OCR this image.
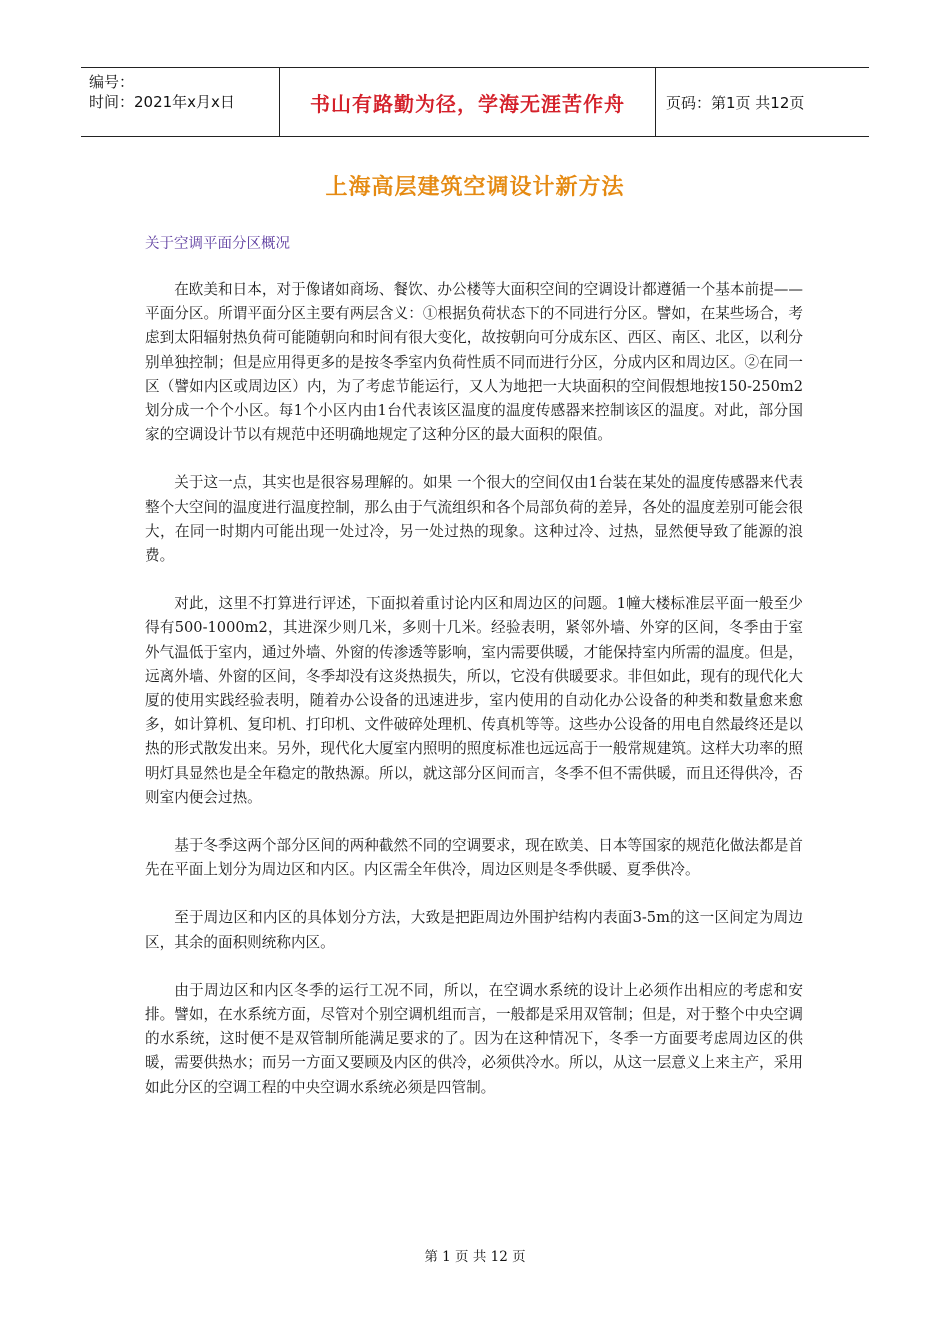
编号：
时间：2021年x月x日	书山有路勤为径，学海无涯苦作舟	页码：第1页 共12页
上海高层建筑空调设计新方法
关于空调平面分区概况

在欧美和日本，对于像诸如商场、餐饮、办公楼等大面积空间的空调设计都遵循一个基本前提——平面分区。所谓平面分区主要有两层含义：①根据负荷状态下的不同进行分区。譬如，在某些场合，考虑到太阳辐射热负荷可能随朝向和时间有很大变化，故按朝向可分成东区、西区、南区、北区，以利分别单独控制；但是应用得更多的是按冬季室内负荷性质不同而进行分区，分成内区和周边区。②在同一区（譬如内区或周边区）内，为了考虑节能运行，又人为地把一大块面积的空间假想地按150-250m2划分成一个个小区。每1个小区内由1台代表该区温度的温度传感器来控制该区的温度。对此，部分国家的空调设计节以有规范中还明确地规定了这种分区的最大面积的限值。

关于这一点，其实也是很容易理解的。如果 一个很大的空间仅由1台装在某处的温度传感器来代表整个大空间的温度进行温度控制，那么由于气流组织和各个局部负荷的差异，各处的温度差别可能会很大，在同一时期内可能出现一处过冷，另一处过热的现象。这种过冷、过热，显然便导致了能源的浪费。

对此，这里不打算进行评述，下面拟着重讨论内区和周边区的问题。1幢大楼标准层平面一般至少得有500-1000m2，其进深少则几米，多则十几米。经验表明，紧邻外墙、外穿的区间，冬季由于室外气温低于室内，通过外墙、外窗的传渗透等影响，室内需要供暖，才能保持室内所需的温度。但是，远离外墙、外窗的区间，冬季却没有这炎热损失，所以，它没有供暖要求。非但如此，现有的现代化大厦的使用实践经验表明，随着办公设备的迅速进步，室内使用的自动化办公设备的种类和数量愈来愈多，如计算机、复印机、打印机、文件破碎处理机、传真机等等。这些办公设备的用电自然最终还是以热的形式散发出来。另外，现代化大厦室内照明的照度标准也远远高于一般常规建筑。这样大功率的照明灯具显然也是全年稳定的散热源。所以，就这部分区间而言，冬季不但不需供暖，而且还得供冷，否则室内便会过热。

基于冬季这两个部分区间的两种截然不同的空调要求，现在欧美、日本等国家的规范化做法都是首先在平面上划分为周边区和内区。内区需全年供冷，周边区则是冬季供暖、夏季供冷。

至于周边区和内区的具体划分方法，大致是把距周边外围护结构内表面3-5m的这一区间定为周边区，其余的面积则统称内区。

由于周边区和内区冬季的运行工况不同，所以，在空调水系统的设计上必须作出相应的考虑和安排。譬如，在水系统方面，尽管对个别空调机组而言，一般都是采用双管制；但是，对于整个中央空调的水系统，这时便不是双管制所能满足要求的了。因为在这种情况下，冬季一方面要考虑周边区的供暖，需要供热水；而另一方面又要顾及内区的供冷，必须供冷水。所以，从这一层意义上来主产，采用如此分区的空调工程的中央空调水系统必须是四管制。

第 1 页 共 12 页
